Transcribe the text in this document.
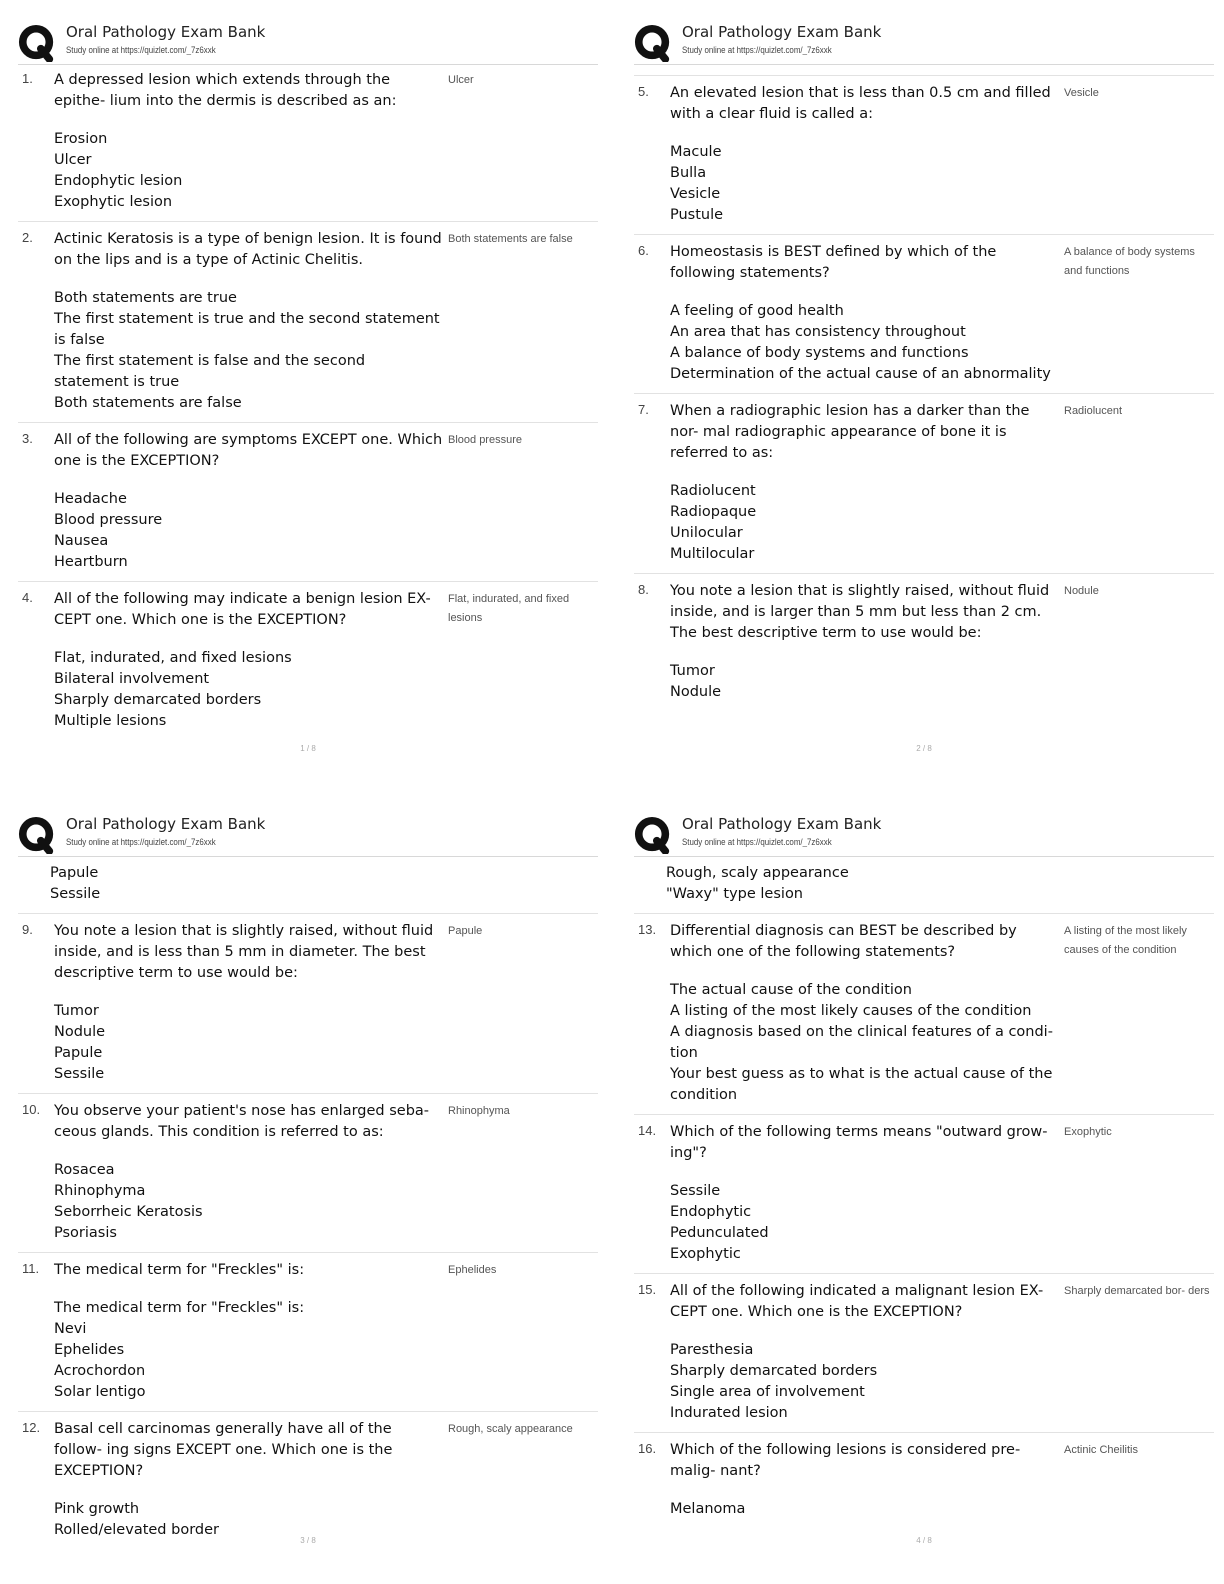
Oral Pathology Exam Bank
Study online at https://quizlet.com/_7z6xxk
1.	A depressed lesion which extends through the epithe- lium into the dermis is described as an:
Erosion
Ulcer
Endophytic lesion
Exophytic lesion
Ulcer
2.	Actinic Keratosis is a type of benign lesion. It is found on the lips and is a type of Actinic Chelitis.
Both statements are true
The first statement is true and the second statement is false
The first statement is false and the second statement is true
Both statements are false
Both statements are false
3.	All of the following are symptoms EXCEPT one. Which one is the EXCEPTION?
Headache
Blood pressure
Nausea
Heartburn
Blood pressure
4.	All of the following may indicate a benign lesion EX- CEPT one. Which one is the EXCEPTION?
Flat, indurated, and fixed lesions
Bilateral involvement
Sharply demarcated borders
Multiple lesions
Flat, indurated, and fixed lesions
1 / 8
Oral Pathology Exam Bank
Study online at https://quizlet.com/_7z6xxk
5.	An elevated lesion that is less than 0.5 cm and filled with a clear fluid is called a:
Macule
Bulla
Vesicle
Pustule
Vesicle
6.	Homeostasis is BEST defined by which of the following statements?
A feeling of good health
An area that has consistency throughout
A balance of body systems and functions
Determination of the actual cause of an abnormality
A balance of body systems and functions
7.	When a radiographic lesion has a darker than the nor- mal radiographic appearance of bone it is referred to as:
Radiolucent
Radiopaque
Unilocular
Multilocular
Radiolucent
8.	You note a lesion that is slightly raised, without fluid inside, and is larger than 5 mm but less than 2 cm. The best descriptive term to use would be:
Tumor
Nodule
Nodule
2 / 8
Oral Pathology Exam Bank
Study online at https://quizlet.com/_7z6xxk
Papule
Sessile
9.	You note a lesion that is slightly raised, without fluid inside, and is less than 5 mm in diameter. The best descriptive term to use would be:
Tumor
Nodule
Papule
Sessile
Papule
10. You observe your patient's nose has enlarged seba- ceous glands. This condition is referred to as:
Rosacea
Rhinophyma
Seborrheic Keratosis
Psoriasis
Rhinophyma
11.	The medical term for "Freckles" is:
The medical term for "Freckles" is:
Nevi
Ephelides
Acrochordon
Solar lentigo
Ephelides
12. Basal cell carcinomas generally have all of the follow- ing signs EXCEPT one. Which one is the EXCEPTION?
Pink growth
Rolled/elevated border
Rough, scaly appearance
3 / 8
Oral Pathology Exam Bank
Study online at https://quizlet.com/_7z6xxk
Rough, scaly appearance
"Waxy" type lesion
13. Differential diagnosis can BEST be described by which one of the following statements?
The actual cause of the condition
A listing of the most likely causes of the condition
A diagnosis based on the clinical features of a condi- tion
Your best guess as to what is the actual cause of the condition
A listing of the most likely causes of the condition
14. Which of the following terms means "outward grow- ing"?
Sessile
Endophytic
Pedunculated
Exophytic
Exophytic
15. All of the following indicated a malignant lesion EX- CEPT one. Which one is the EXCEPTION?
Paresthesia
Sharply demarcated borders
Single area of involvement
Indurated lesion
Sharply demarcated bor- ders
16. Which of the following lesions is considered pre-malig- nant?
Melanoma
Actinic Cheilitis
4 / 8
